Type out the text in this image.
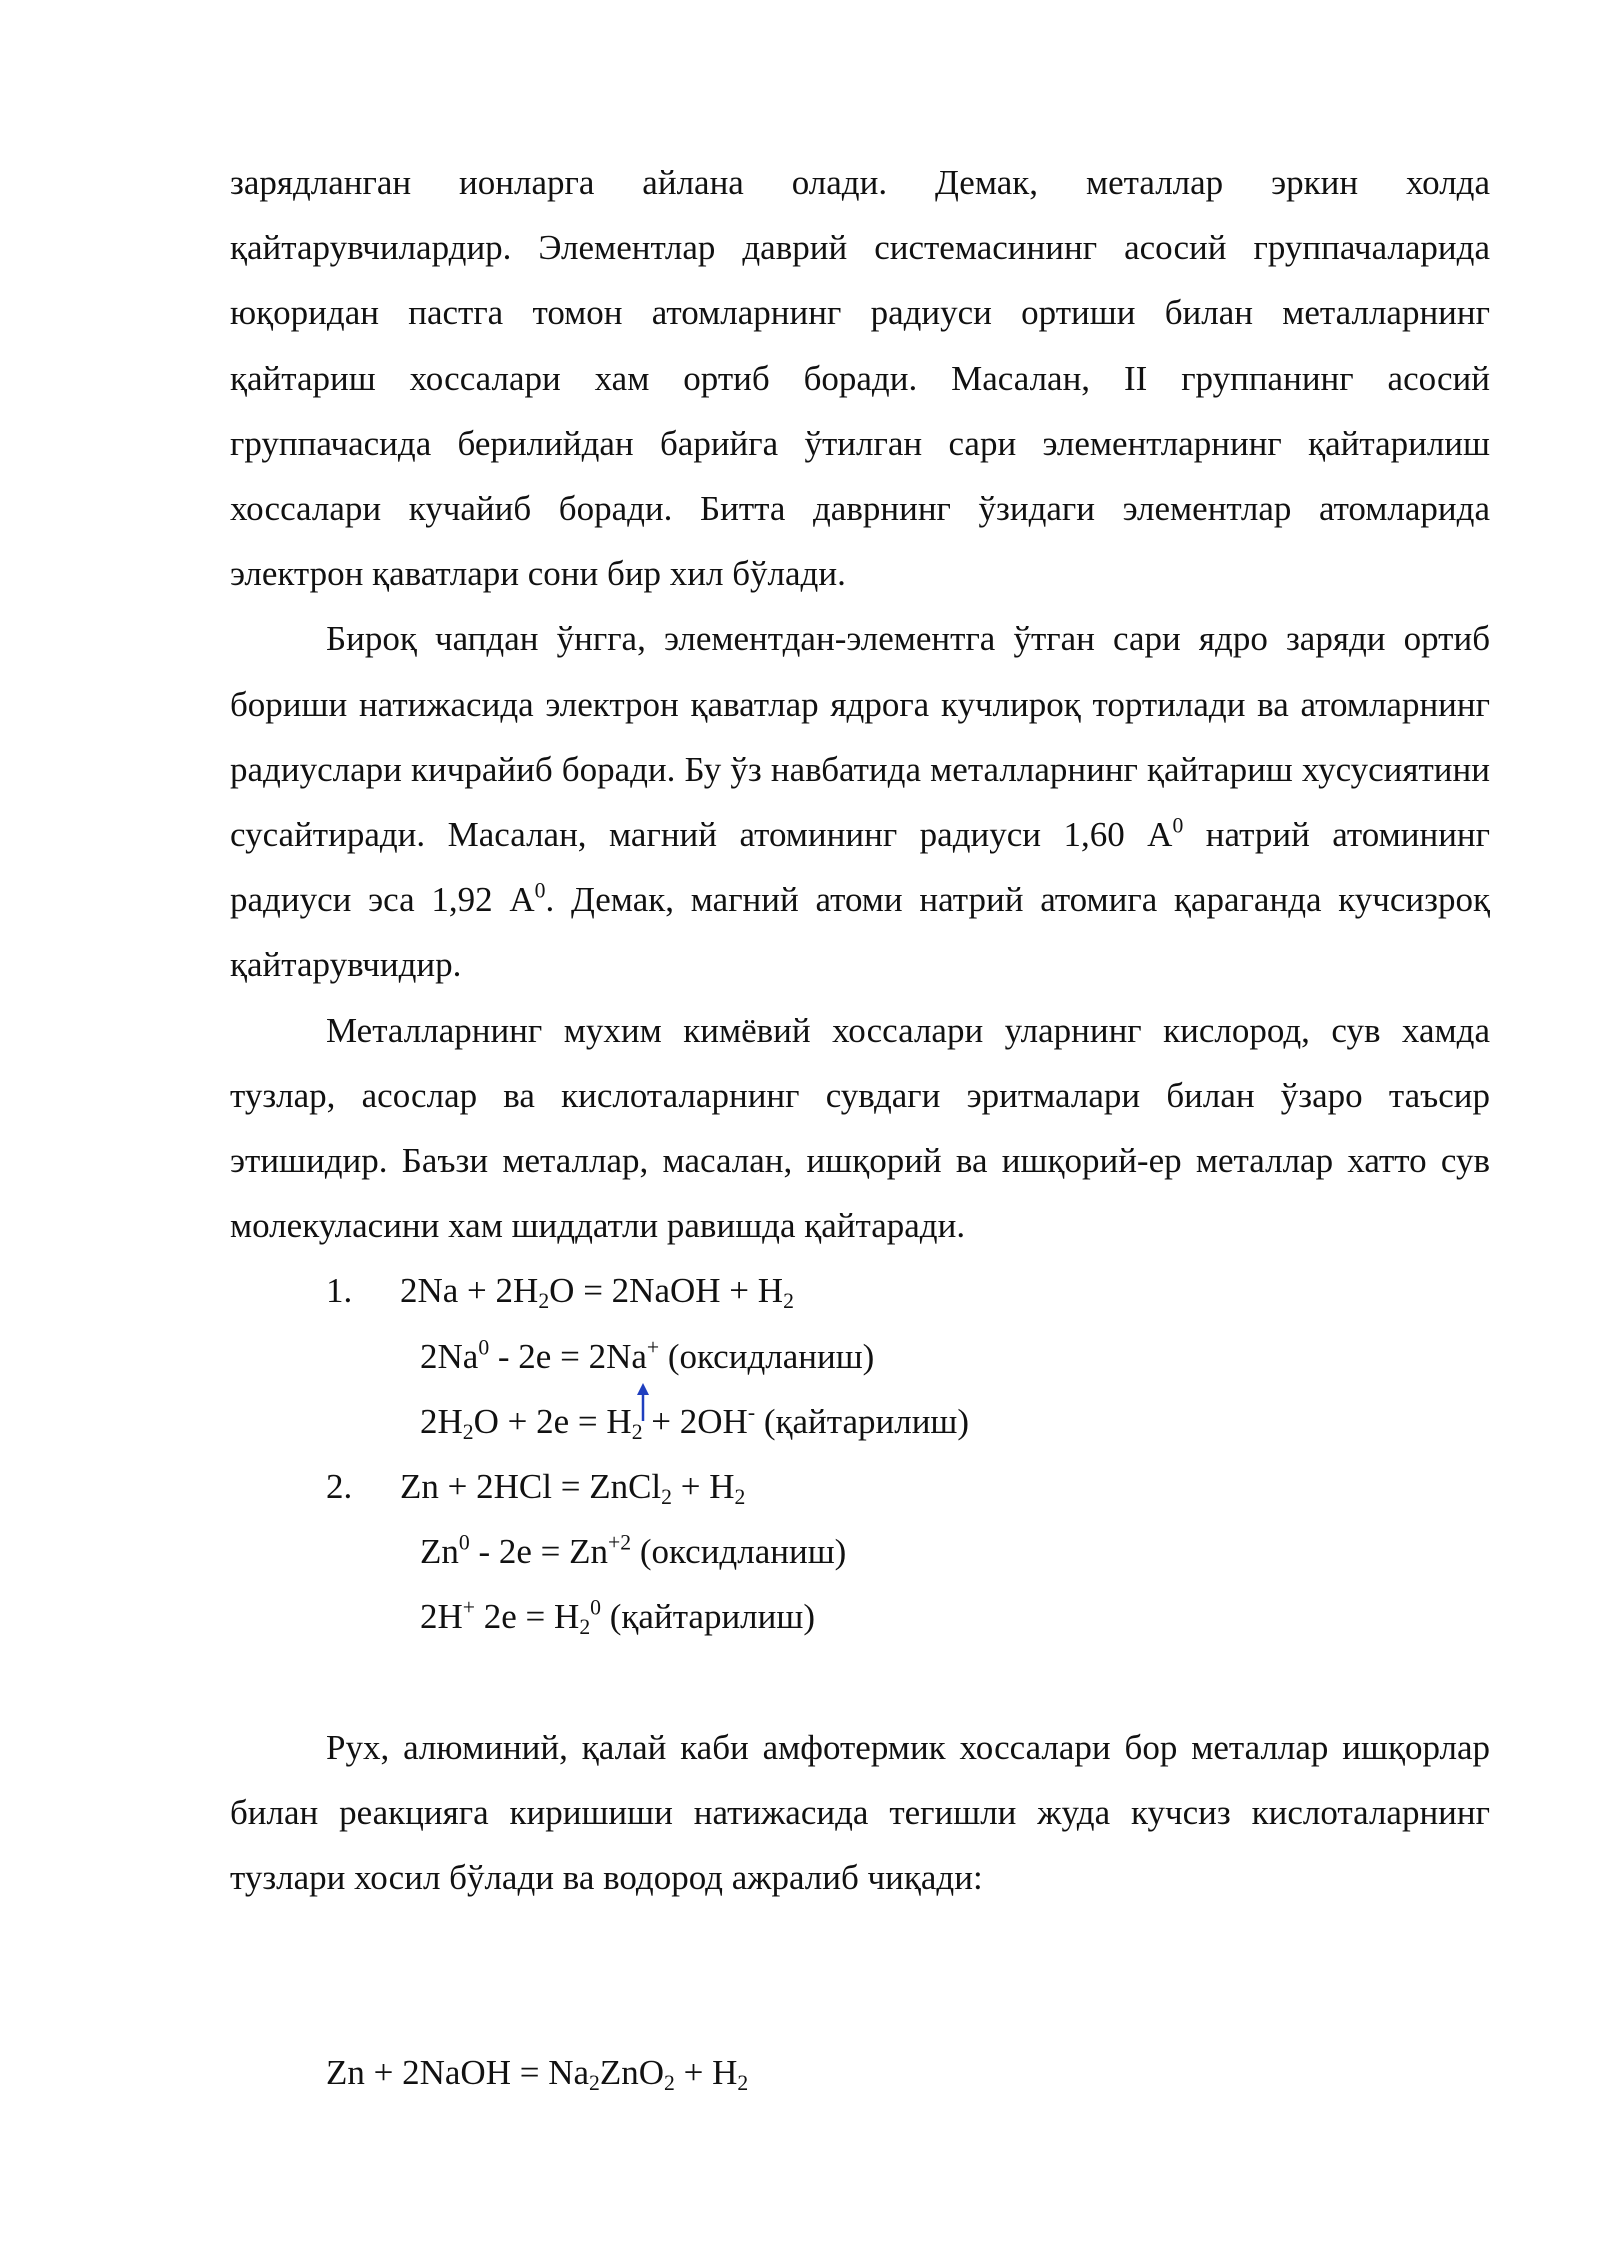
зарядланган ионларга айлана олади. Демак, металлар эркин холда қайтарувчилардир. Элементлар даврий системасининг асосий группачаларида юқоридан пастга томон атомларнинг радиуси ортиши билан металларнинг қайтариш хоссалари хам ортиб боради. Масалан, II группанинг асосий группачасида берилийдан барийга ўтилган сари элементларнинг қайтарилиш хоссалари кучайиб боради. Битта даврнинг ўзидаги элементлар атомларида электрон қаватлари сони бир хил бўлади.

Бироқ чапдан ўнгга, элементдан-элементга ўтган сари ядро заряди ортиб бориши натижасида электрон қаватлар ядрога кучлироқ тортилади ва атомларнинг радиуслари кичрайиб боради. Бу ўз навбатида металларнинг қайтариш хусусиятини сусайтиради. Масалан, магний атомининг радиуси 1,60 $А^0$ натрий атомининг радиуси эса 1,92 $А^0$. Демак, магний атоми натрий атомига қараганда кучсизроқ қайтарувчидир.

Металларнинг мухим кимёвий хоссалари уларнинг кислород, сув хамда тузлар, асослар ва кислоталарнинг сувдаги эритмалари билан ўзаро таъсир этишидир. Баъзи металлар, масалан, ишқорий ва ишқорий-ер металлар хатто сув молекуласини хам шиддатли равишда қайтаради.

1. $2Na + 2H_2O$ = 2NaOH + $H_2$
2Na$^0$ - 2e = 2Na+ (оксидланиш)
$2H_2O + 2e = H_2$
+ 2OH- (қайтарилиш)
2. Zn + 2HCl = ZnCl$_2$ + $H_2$
$Zn^0 - 2e = Zn^{+2}$ (оксидланиш)
2H+ $2e = H_2^0$ (қайтарилиш)

Рух, алюминий, қалай каби амфотермик хоссалари бор металлар ишқорлар билан реакцияга киришиши натижасида тегишли жуда кучсиз кислоталарнинг тузлари хосил бўлади ва водород ажралиб чиқади:

Zn + 2NaOH = $Na_2ZnO_2 + H_2$
